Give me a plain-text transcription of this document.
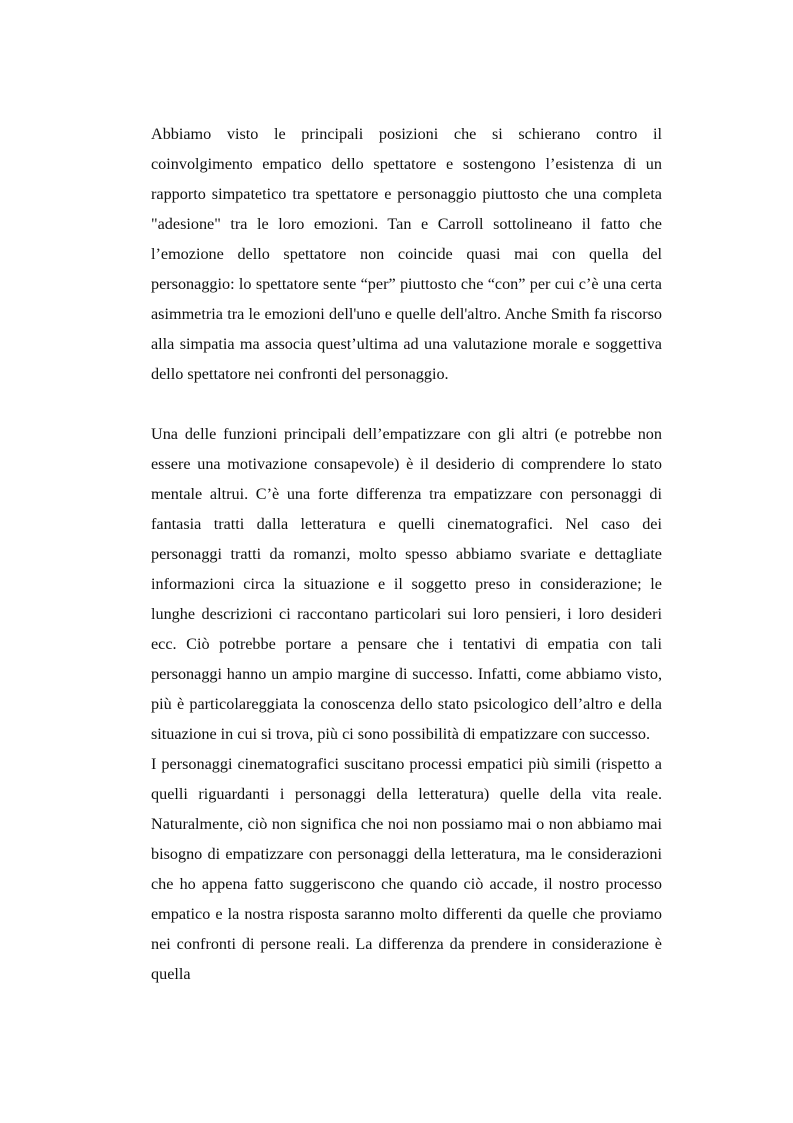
Abbiamo visto le principali posizioni che si schierano contro il coinvolgimento empatico dello spettatore e sostengono l’esistenza di un rapporto simpatetico tra spettatore e personaggio piuttosto che una completa "adesione" tra le loro emozioni. Tan e Carroll sottolineano il fatto che l’emozione dello spettatore non coincide quasi mai con quella del personaggio: lo spettatore sente “per” piuttosto che “con” per cui c’è una certa asimmetria tra le emozioni dell'uno e quelle dell'altro. Anche Smith fa riscorso alla simpatia ma associa quest’ultima ad una valutazione morale e soggettiva dello spettatore nei confronti del personaggio.

Una delle funzioni principali dell’empatizzare con gli altri (e potrebbe non essere una motivazione consapevole) è il desiderio di comprendere lo stato mentale altrui. C’è una forte differenza tra empatizzare con personaggi di fantasia tratti dalla letteratura e quelli cinematografici. Nel caso dei personaggi tratti da romanzi, molto spesso abbiamo svariate e dettagliate informazioni circa la situazione e il soggetto preso in considerazione; le lunghe descrizioni ci raccontano particolari sui loro pensieri, i loro desideri ecc. Ciò potrebbe portare a pensare che i tentativi di empatia con tali personaggi hanno un ampio margine di successo. Infatti, come abbiamo visto, più è particolareggiata la conoscenza dello stato psicologico dell’altro e della situazione in cui si trova, più ci sono possibilità di empatizzare con successo.

I personaggi cinematografici suscitano processi empatici più simili (rispetto a quelli riguardanti i personaggi della letteratura) quelle della vita reale. Naturalmente, ciò non significa che noi non possiamo mai o non abbiamo mai bisogno di empatizzare con personaggi della letteratura, ma le considerazioni che ho appena fatto suggeriscono che quando ciò accade, il nostro processo empatico e la nostra risposta saranno molto differenti da quelle che proviamo nei confronti di persone reali. La differenza da prendere in considerazione è quella
